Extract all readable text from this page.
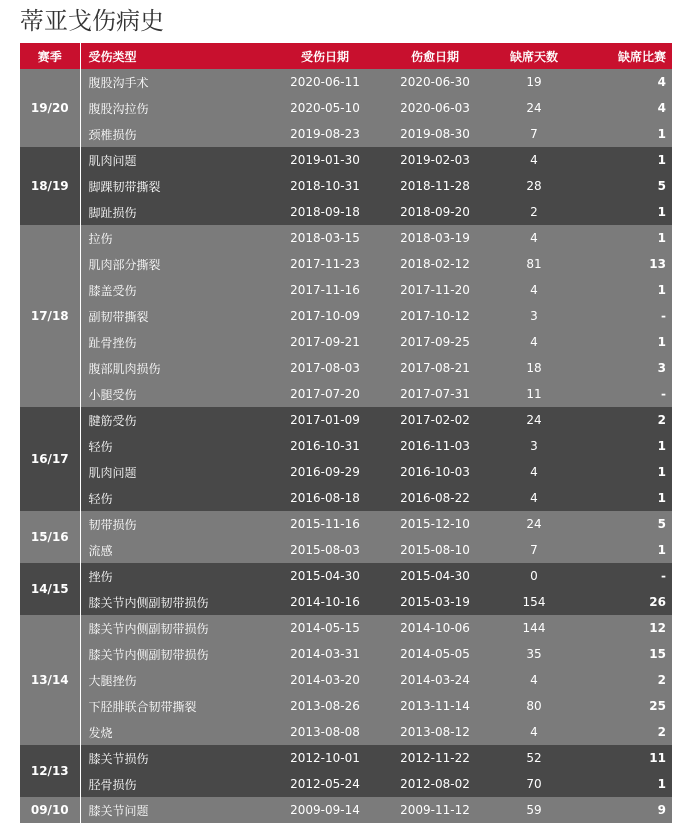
蒂亚戈伤病史
赛季	受伤类型	受伤日期	伤愈日期	缺席天数	缺席比赛
19/20	腹股沟手术	2020-06-11	2020-06-30	19	4
	腹股沟拉伤	2020-05-10	2020-06-03	24	4
	颈椎损伤	2019-08-23	2019-08-30	7	1
18/19	肌肉问题	2019-01-30	2019-02-03	4	1
	脚踝韧带撕裂	2018-10-31	2018-11-28	28	5
	脚趾损伤	2018-09-18	2018-09-20	2	1
17/18	拉伤	2018-03-15	2018-03-19	4	1
	肌肉部分撕裂	2017-11-23	2018-02-12	81	13
	膝盖受伤	2017-11-16	2017-11-20	4	1
	副韧带撕裂	2017-10-09	2017-10-12	3	-
	趾骨挫伤	2017-09-21	2017-09-25	4	1
	腹部肌肉损伤	2017-08-03	2017-08-21	18	3
	小腿受伤	2017-07-20	2017-07-31	11	-
16/17	腱筋受伤	2017-01-09	2017-02-02	24	2
	轻伤	2016-10-31	2016-11-03	3	1
	肌肉问题	2016-09-29	2016-10-03	4	1
	轻伤	2016-08-18	2016-08-22	4	1
15/16	韧带损伤	2015-11-16	2015-12-10	24	5
	流感	2015-08-03	2015-08-10	7	1
14/15	挫伤	2015-04-30	2015-04-30	0	-
	膝关节内侧副韧带损伤	2014-10-16	2015-03-19	154	26
13/14	膝关节内侧副韧带损伤	2014-05-15	2014-10-06	144	12
	膝关节内侧副韧带损伤	2014-03-31	2014-05-05	35	15
	大腿挫伤	2014-03-20	2014-03-24	4	2
	下胫腓联合韧带撕裂	2013-08-26	2013-11-14	80	25
	发烧	2013-08-08	2013-08-12	4	2
12/13	膝关节损伤	2012-10-01	2012-11-22	52	11
	胫骨损伤	2012-05-24	2012-08-02	70	1
09/10	膝关节问题	2009-09-14	2009-11-12	59	9
